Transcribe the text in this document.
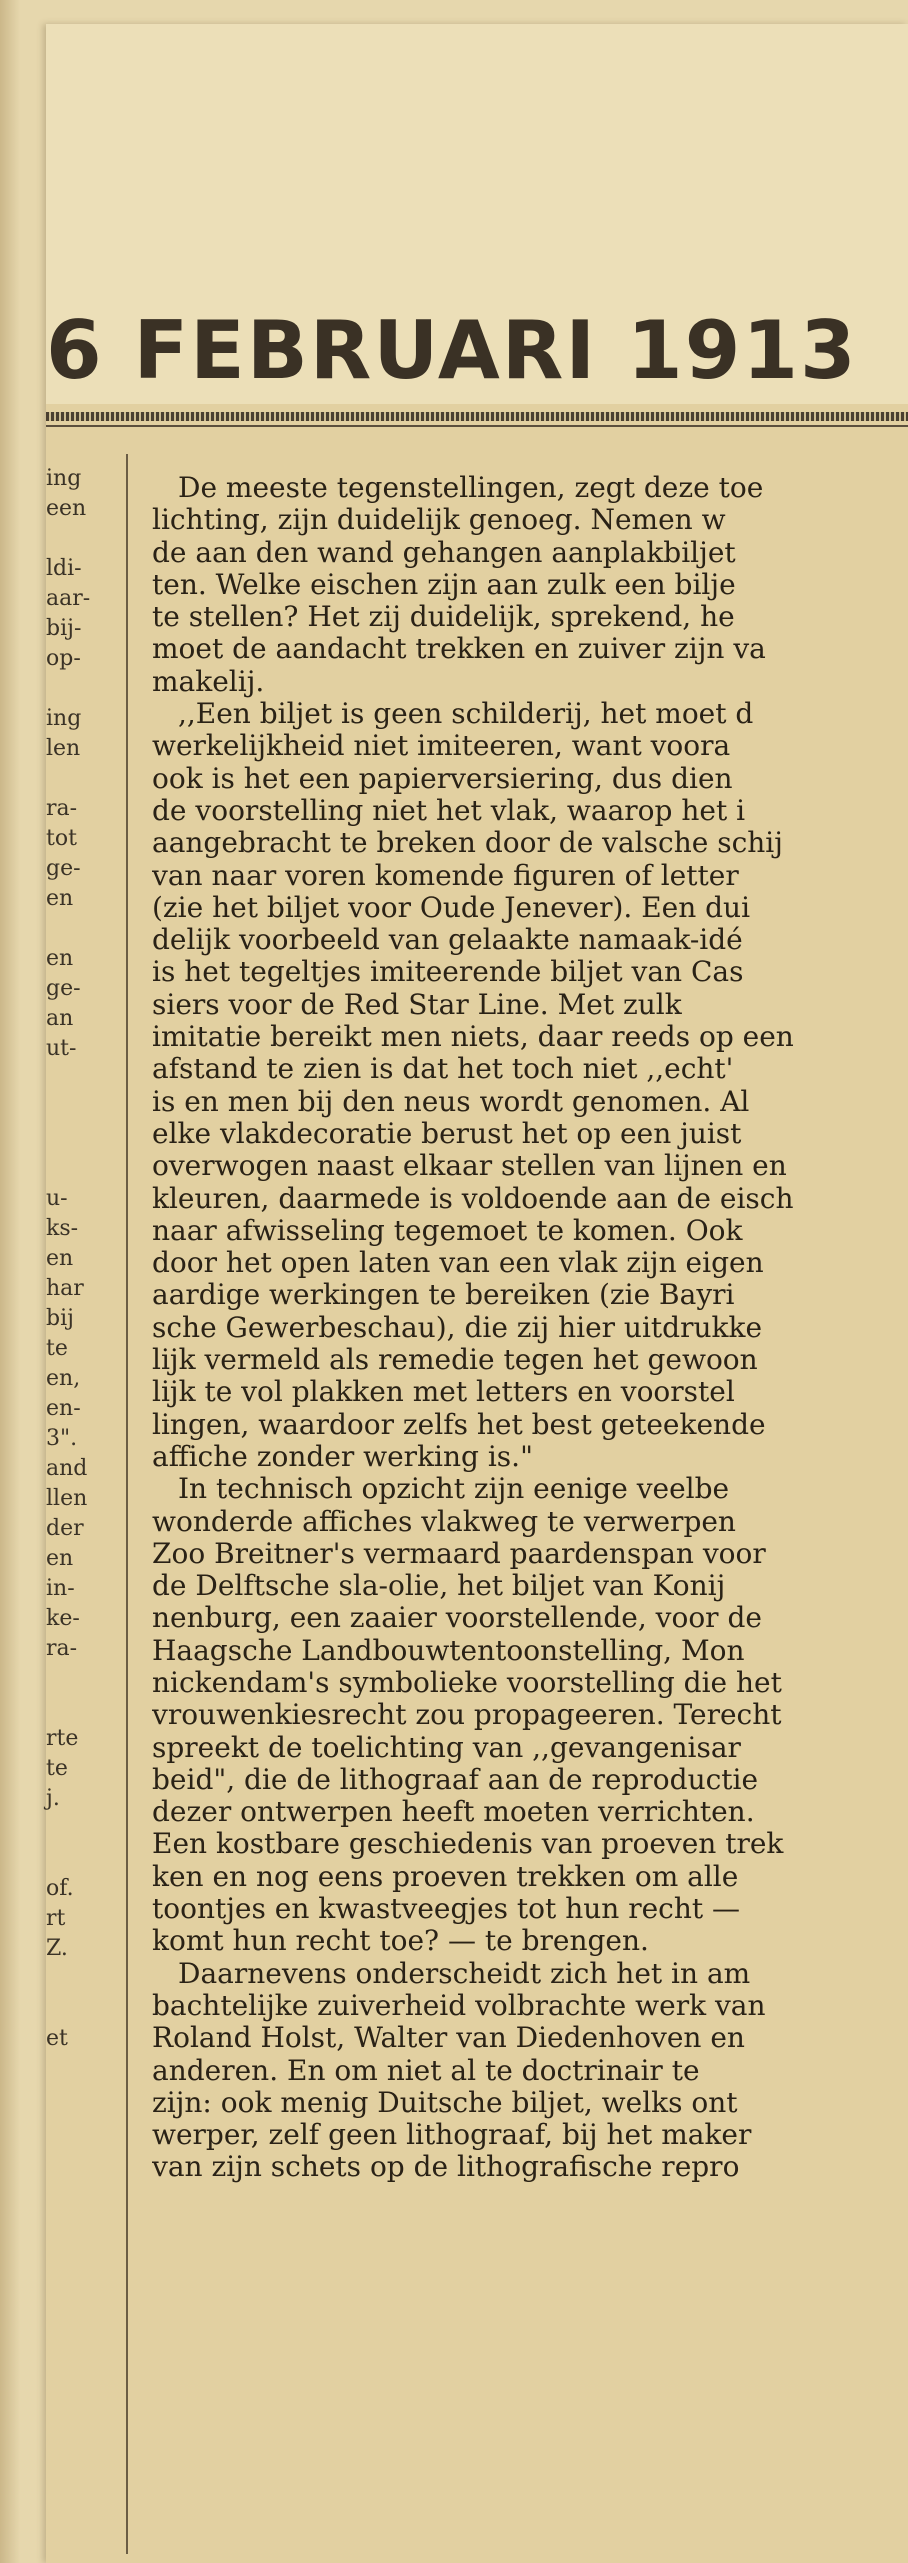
6 FEBRUARI 1913
ing
een

ldi-
aar-
bij-
op-

ing
len

ra-
tot
ge-
en

en
ge-
an
ut-

u-
ks-
en
har
bij
te
en,
en-
3".
and
llen
der
en
in-
ke-
ra-

rte
te
j.

of.
rt
Z.

et
De meeste tegenstellingen, zegt deze toe
lichting, zijn duidelijk genoeg. Nemen w
de aan den wand gehangen aanplakbiljet
ten. Welke eischen zijn aan zulk een bilje
te stellen? Het zij duidelijk, sprekend, he
moet de aandacht trekken en zuiver zijn va
makelij.
,,Een biljet is geen schilderij, het moet d
werkelijkheid niet imiteeren, want voora
ook is het een papierversiering, dus dien
de voorstelling niet het vlak, waarop het i
aangebracht te breken door de valsche schij
van naar voren komende figuren of letter
(zie het biljet voor Oude Jenever). Een dui
delijk voorbeeld van gelaakte namaak-idé
is het tegeltjes imiteerende biljet van Cas
siers voor de Red Star Line. Met zulk
imitatie bereikt men niets, daar reeds op een
afstand te zien is dat het toch niet ,,echt'
is en men bij den neus wordt genomen. Al
elke vlakdecoratie berust het op een juist
overwogen naast elkaar stellen van lijnen en
kleuren, daarmede is voldoende aan de eisch
naar afwisseling tegemoet te komen. Ook
door het open laten van een vlak zijn eigen
aardige werkingen te bereiken (zie Bayri
sche Gewerbeschau), die zij hier uitdrukke
lijk vermeld als remedie tegen het gewoon
lijk te vol plakken met letters en voorstel
lingen, waardoor zelfs het best geteekende
affiche zonder werking is."
In technisch opzicht zijn eenige veelbe
wonderde affiches vlakweg te verwerpen
Zoo Breitner's vermaard paardenspan voor
de Delftsche sla-olie, het biljet van Konij
nenburg, een zaaier voorstellende, voor de
Haagsche Landbouwtentoonstelling, Mon
nickendam's symbolieke voorstelling die het
vrouwenkiesrecht zou propageeren. Terecht
spreekt de toelichting van ,,gevangenisar
beid", die de lithograaf aan de reproductie
dezer ontwerpen heeft moeten verrichten.
Een kostbare geschiedenis van proeven trek
ken en nog eens proeven trekken om alle
toontjes en kwastveegjes tot hun recht —
komt hun recht toe? — te brengen.
Daarnevens onderscheidt zich het in am
bachtelijke zuiverheid volbrachte werk van
Roland Holst, Walter van Diedenhoven en
anderen. En om niet al te doctrinair te
zijn: ook menig Duitsche biljet, welks ont
werper, zelf geen lithograaf, bij het maker
van zijn schets op de lithografische repro
